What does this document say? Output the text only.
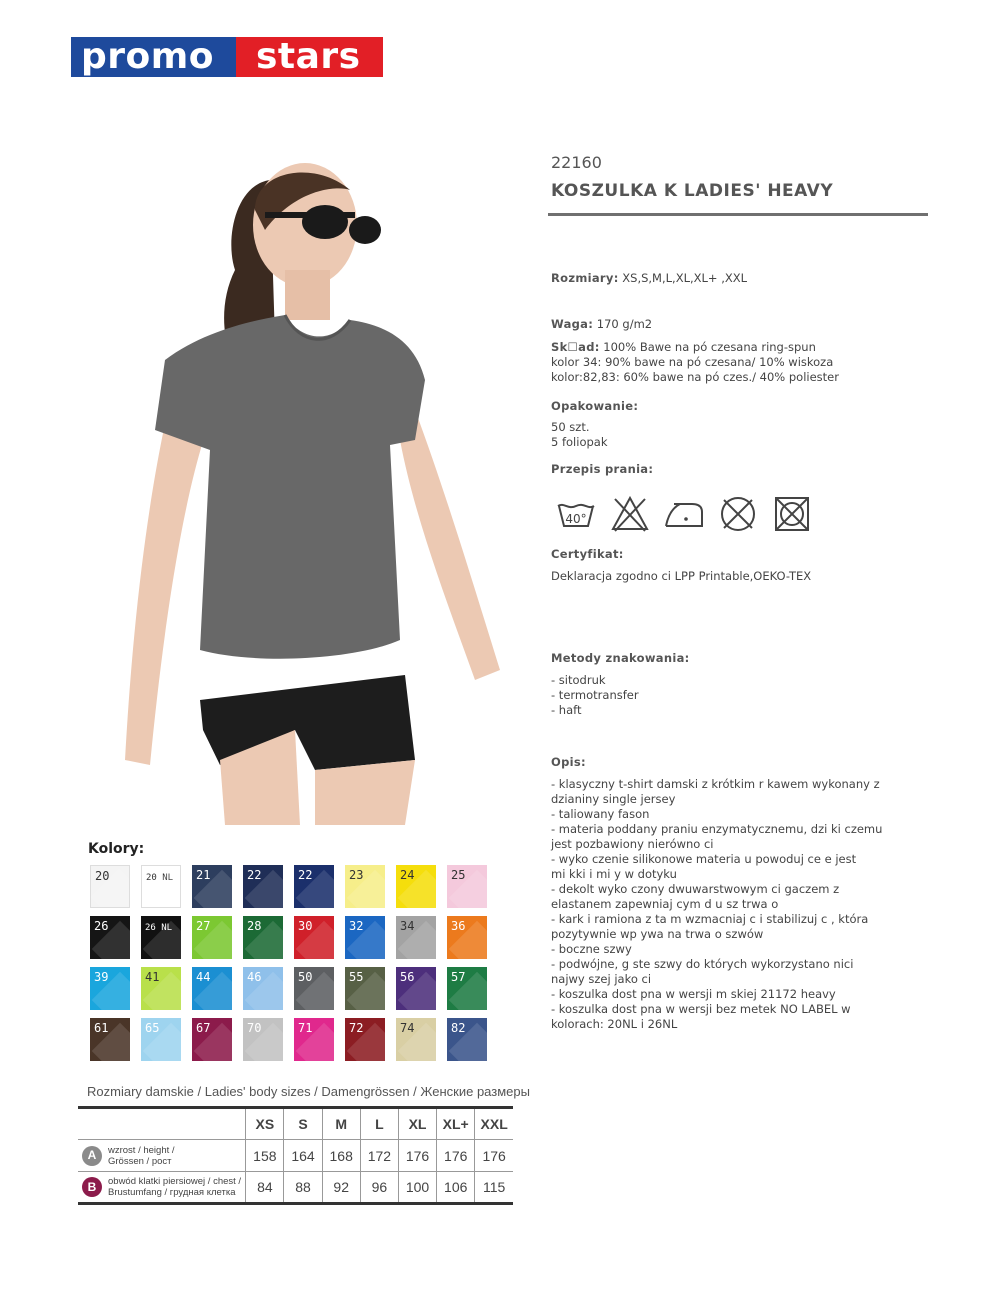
promo	stars
22160
KOSZULKA K LADIES' HEAVY
Rozmiary: XS,S,M,L,XL,XL+ ,XXL
Waga: 170 g/m2
Sk☐ad: 100% Bawe na pó czesana ring-spun
kolor 34: 90% bawe na pó czesana/ 10% wiskoza
kolor:82,83: 60% bawe na pó czes./ 40% poliester
Opakowanie:
50 szt.
5 foliopak
Przepis prania:
40°
Certyfikat:
Deklaracja zgodno ci LPP Printable,OEKO-TEX
Metody znakowania:
- sitodruk
- termotransfer
- haft
Opis:
- klasyczny t-shirt damski z krótkim r kawem wykonany z
dzianiny single jersey
- taliowany fason
- materia poddany praniu enzymatycznemu, dzi ki czemu
jest pozbawiony nierówno ci
- wyko czenie silikonowe materia u powoduj ce e jest
mi kki i mi y w dotyku
- dekolt wyko czony dwuwarstwowym ci gaczem z
elastanem zapewniaj cym d u sz trwa o
- kark i ramiona z ta m wzmacniaj c i stabilizuj c , która
pozytywnie wp ywa na trwa o szwów
- boczne szwy
- podwójne, g ste szwy do których wykorzystano nici
najwy szej jako ci
- koszulka dost pna w wersji m skiej 21172 heavy
- koszulka dost pna w wersji bez metek NO LABEL w
kolorach: 20NL i 26NL
Kolory:
20	20 NL	21	22	22	23	24	25
26	26 NL	27	28	30	32	34	36
39	41	44	46	50	55	56	57
61	65	67	70	71	72	74	82
Rozmiary damskie / Ladies' body sizes / Damengrössen / Женские размеры
	XS	S	M	L	XL	XL+	XXL

A wzrost / height /
Grössen / рост	158	164	168	172	176	176	176

B obwód klatki piersiowej / chest /
Brustumfang / грудная клетка	84	88	92	96	100	106	115
